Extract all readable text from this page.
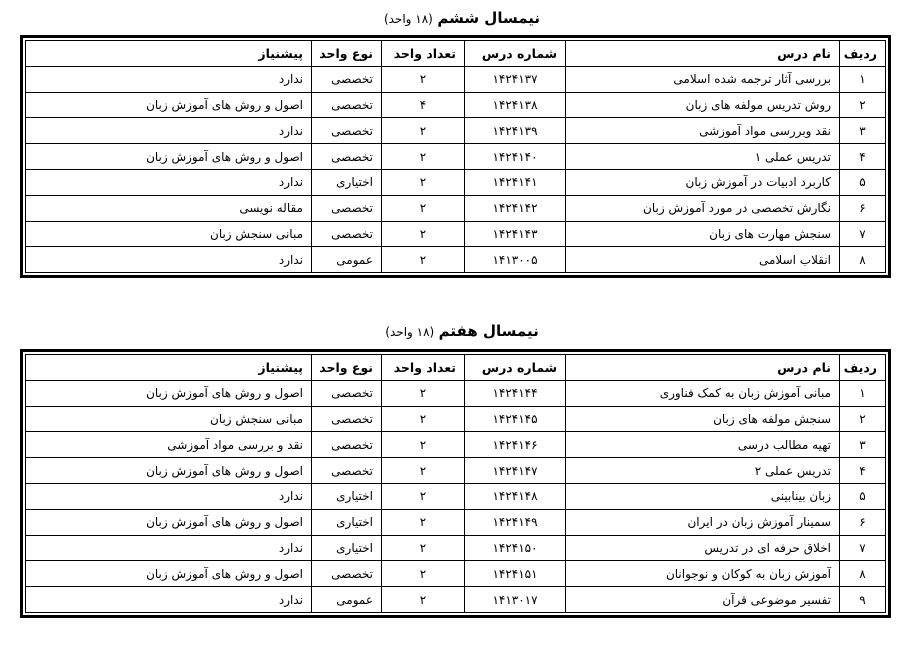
نیمسال ششم (۱۸ واحد)
ردیف	نام درس	شماره درس	تعداد واحد	نوع واحد	پیشنیاز
۱	بررسی آثار ترجمه شده اسلامی	۱۴۲۴۱۳۷	۲	تخصصی	ندارد
۲	روش تدریس مولفه های زبان	۱۴۲۴۱۳۸	۴	تخصصی	اصول و روش های آموزش زبان
۳	نقد وبررسی مواد آموزشی	۱۴۲۴۱۳۹	۲	تخصصی	ندارد
۴	تدریس عملی ۱	۱۴۲۴۱۴۰	۲	تخصصی	اصول و روش های آموزش زبان
۵	کاربرد ادبیات در آموزش زبان	۱۴۲۴۱۴۱	۲	اختیاری	ندارد
۶	نگارش تخصصی در مورد آموزش زبان	۱۴۲۴۱۴۲	۲	تخصصی	مقاله نویسی
۷	سنجش مهارت های زبان	۱۴۲۴۱۴۳	۲	تخصصی	مبانی سنجش زبان
۸	انقلاب اسلامی	۱۴۱۳۰۰۵	۲	عمومی	ندارد
نیمسال هفتم (۱۸ واحد)
ردیف	نام درس	شماره درس	تعداد واحد	نوع واحد	پیشنیاز
۱	مبانی آموزش زبان به کمک فناوری	۱۴۲۴۱۴۴	۲	تخصصی	اصول و روش های آموزش زبان
۲	سنجش مولفه های زبان	۱۴۲۴۱۴۵	۲	تخصصی	مبانی سنجش زبان
۳	تهیه مطالب درسی	۱۴۲۴۱۴۶	۲	تخصصی	نقد و بررسی مواد آموزشی
۴	تدریس عملی ۲	۱۴۲۴۱۴۷	۲	تخصصی	اصول و روش های آموزش زبان
۵	زبان بینابینی	۱۴۲۴۱۴۸	۲	اختیاری	ندارد
۶	سمینار آموزش زبان در ایران	۱۴۲۴۱۴۹	۲	اختیاری	اصول و روش های آموزش زبان
۷	اخلاق حرفه ای در تدریس	۱۴۲۴۱۵۰	۲	اختیاری	ندارد
۸	آموزش زبان به کوکان و نوجوانان	۱۴۲۴۱۵۱	۲	تخصصی	اصول و روش های آموزش زبان
۹	تفسیر موضوعی قرآن	۱۴۱۳۰۱۷	۲	عمومی	ندارد
